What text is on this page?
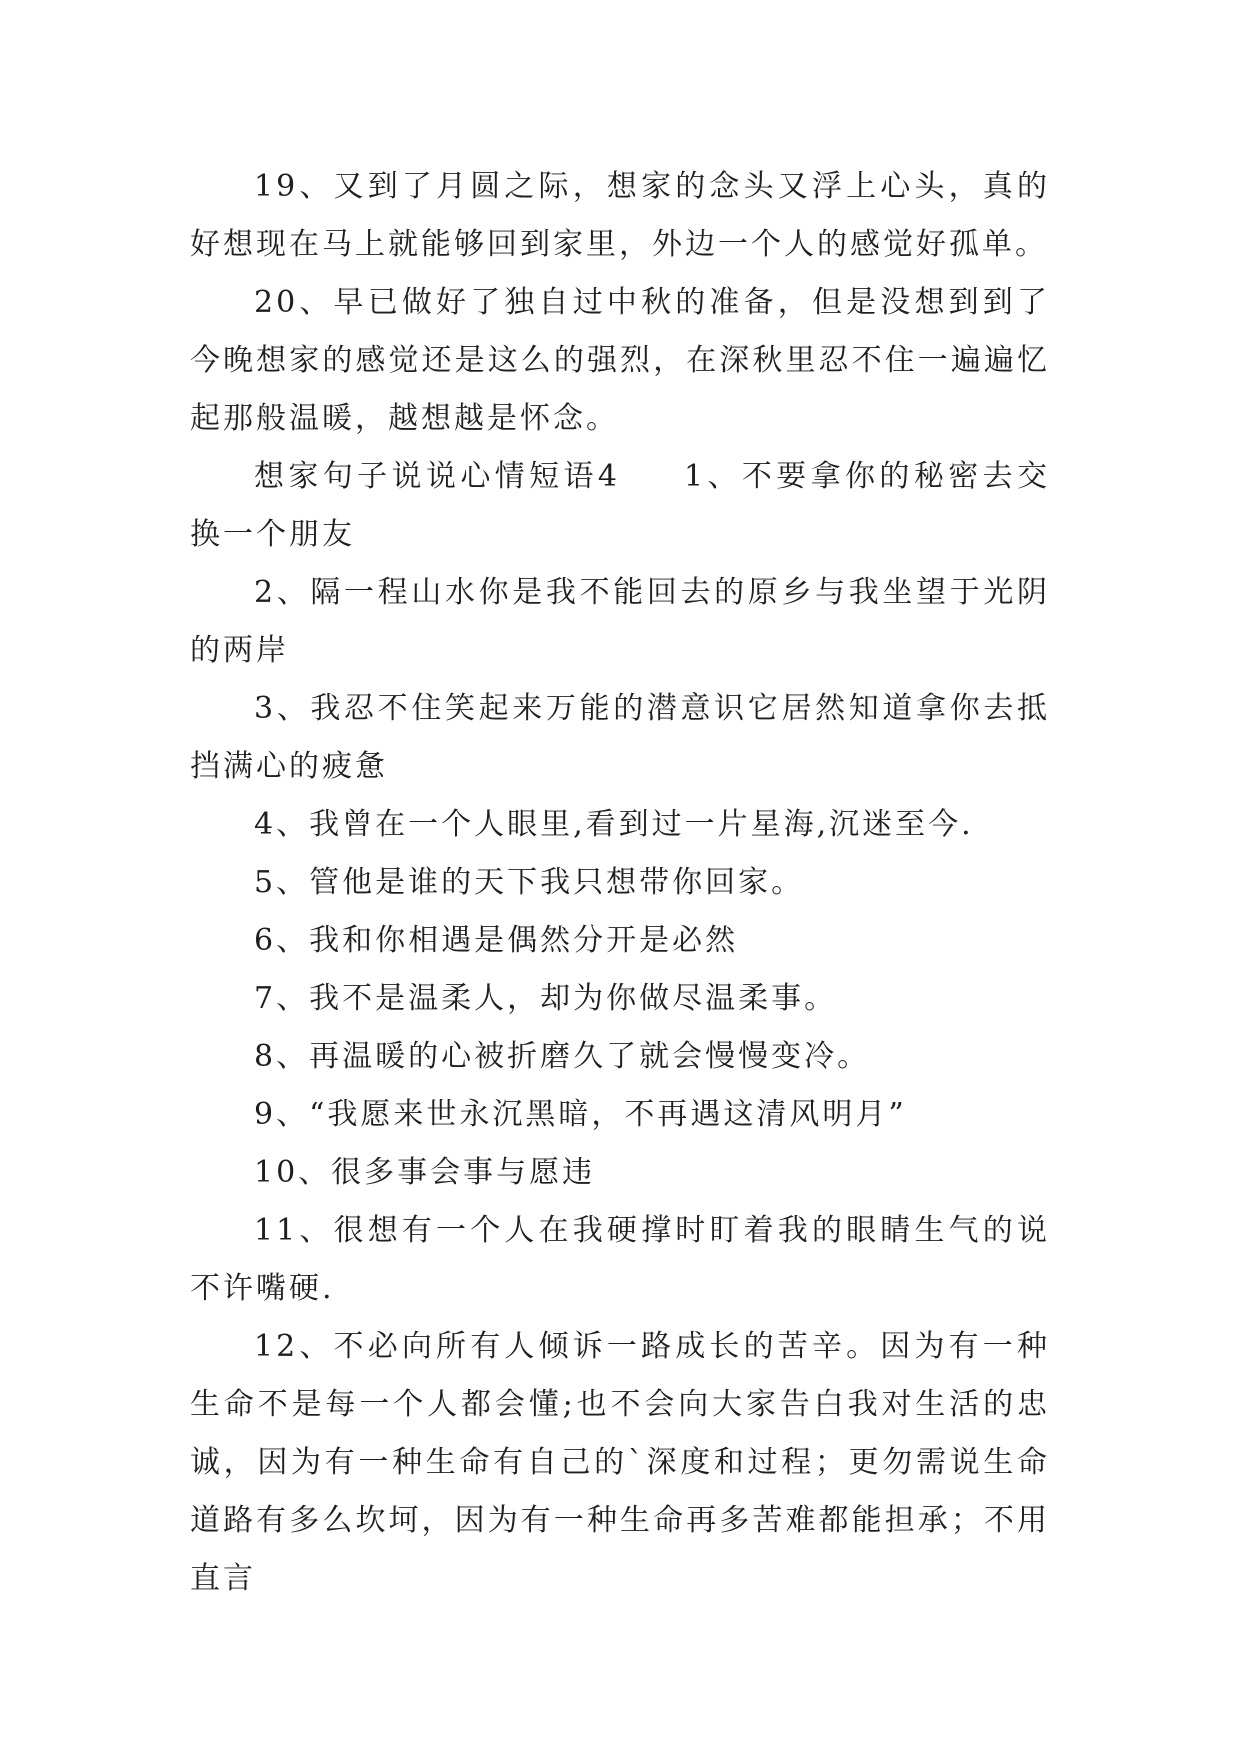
19、又到了月圆之际，想家的念头又浮上心头，真的好想现在马上就能够回到家里，外边一个人的感觉好孤单。

20、早已做好了独自过中秋的准备，但是没想到到了今晚想家的感觉还是这么的强烈，在深秋里忍不住一遍遍忆起那般温暖，越想越是怀念。

想家句子说说心情短语4 1、不要拿你的秘密去交换一个朋友

2、隔一程山水你是我不能回去的原乡与我坐望于光阴的两岸

3、我忍不住笑起来万能的潜意识它居然知道拿你去抵挡满心的疲惫

4、我曾在一个人眼里,看到过一片星海,沉迷至今.

5、管他是谁的天下我只想带你回家。

6、我和你相遇是偶然分开是必然

7、我不是温柔人，却为你做尽温柔事。

8、再温暖的心被折磨久了就会慢慢变冷。

9、“我愿来世永沉黑暗，不再遇这清风明月”

10、很多事会事与愿违

11、很想有一个人在我硬撑时盯着我的眼睛生气的说不许嘴硬.

12、不必向所有人倾诉一路成长的苦辛。因为有一种生命不是每一个人都会懂;也不会向大家告白我对生活的忠诚，因为有一种生命有自己的`深度和过程；更勿需说生命道路有多么坎坷，因为有一种生命再多苦难都能担承；不用直言
